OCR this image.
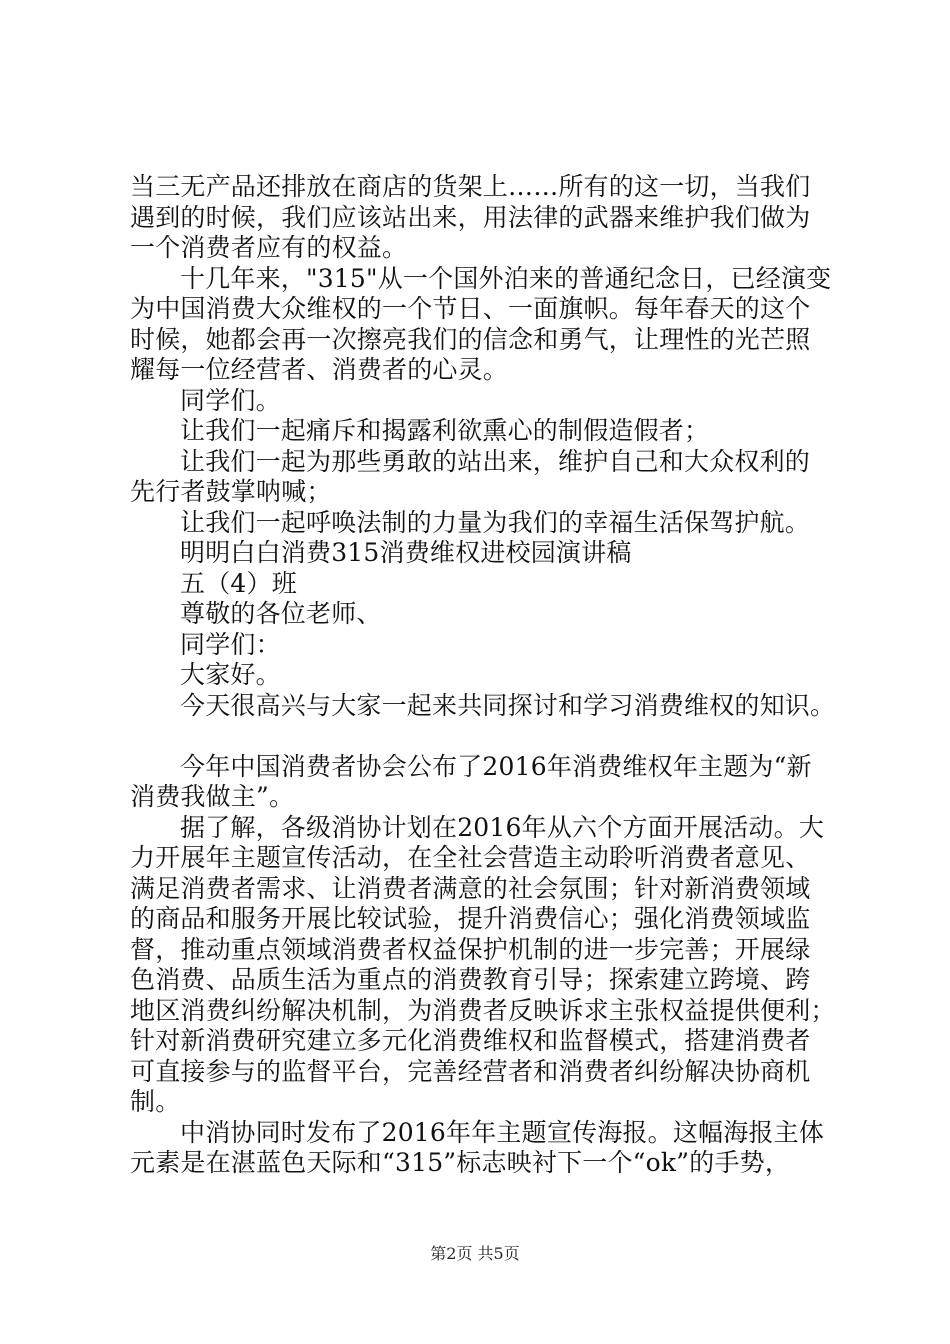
当三无产品还排放在商店的货架上……所有的这一切，当我们
遇到的时候，我们应该站出来，用法律的武器来维护我们做为
一个消费者应有的权益。
十几年来，"315"从一个国外泊来的普通纪念日，已经演变
为中国消费大众维权的一个节日、一面旗帜。每年春天的这个
时候，她都会再一次擦亮我们的信念和勇气，让理性的光芒照
耀每一位经营者、消费者的心灵。
同学们。
让我们一起痛斥和揭露利欲熏心的制假造假者；
让我们一起为那些勇敢的站出来，维护自己和大众权利的
先行者鼓掌呐喊；
让我们一起呼唤法制的力量为我们的幸福生活保驾护航。
明明白白消费315消费维权进校园演讲稿
五（4）班
尊敬的各位老师、
同学们：
大家好。
今天很高兴与大家一起来共同探讨和学习消费维权的知识。
今年中国消费者协会公布了2016年消费维权年主题为“新
消费我做主”。
据了解，各级消协计划在2016年从六个方面开展活动。大
力开展年主题宣传活动，在全社会营造主动聆听消费者意见、
满足消费者需求、让消费者满意的社会氛围；针对新消费领域
的商品和服务开展比较试验，提升消费信心；强化消费领域监
督，推动重点领域消费者权益保护机制的进一步完善；开展绿
色消费、品质生活为重点的消费教育引导；探索建立跨境、跨
地区消费纠纷解决机制，为消费者反映诉求主张权益提供便利；
针对新消费研究建立多元化消费维权和监督模式，搭建消费者
可直接参与的监督平台，完善经营者和消费者纠纷解决协商机
制。
中消协同时发布了2016年年主题宣传海报。这幅海报主体
元素是在湛蓝色天际和“315”标志映衬下一个“ok”的手势，
第2页 共5页
